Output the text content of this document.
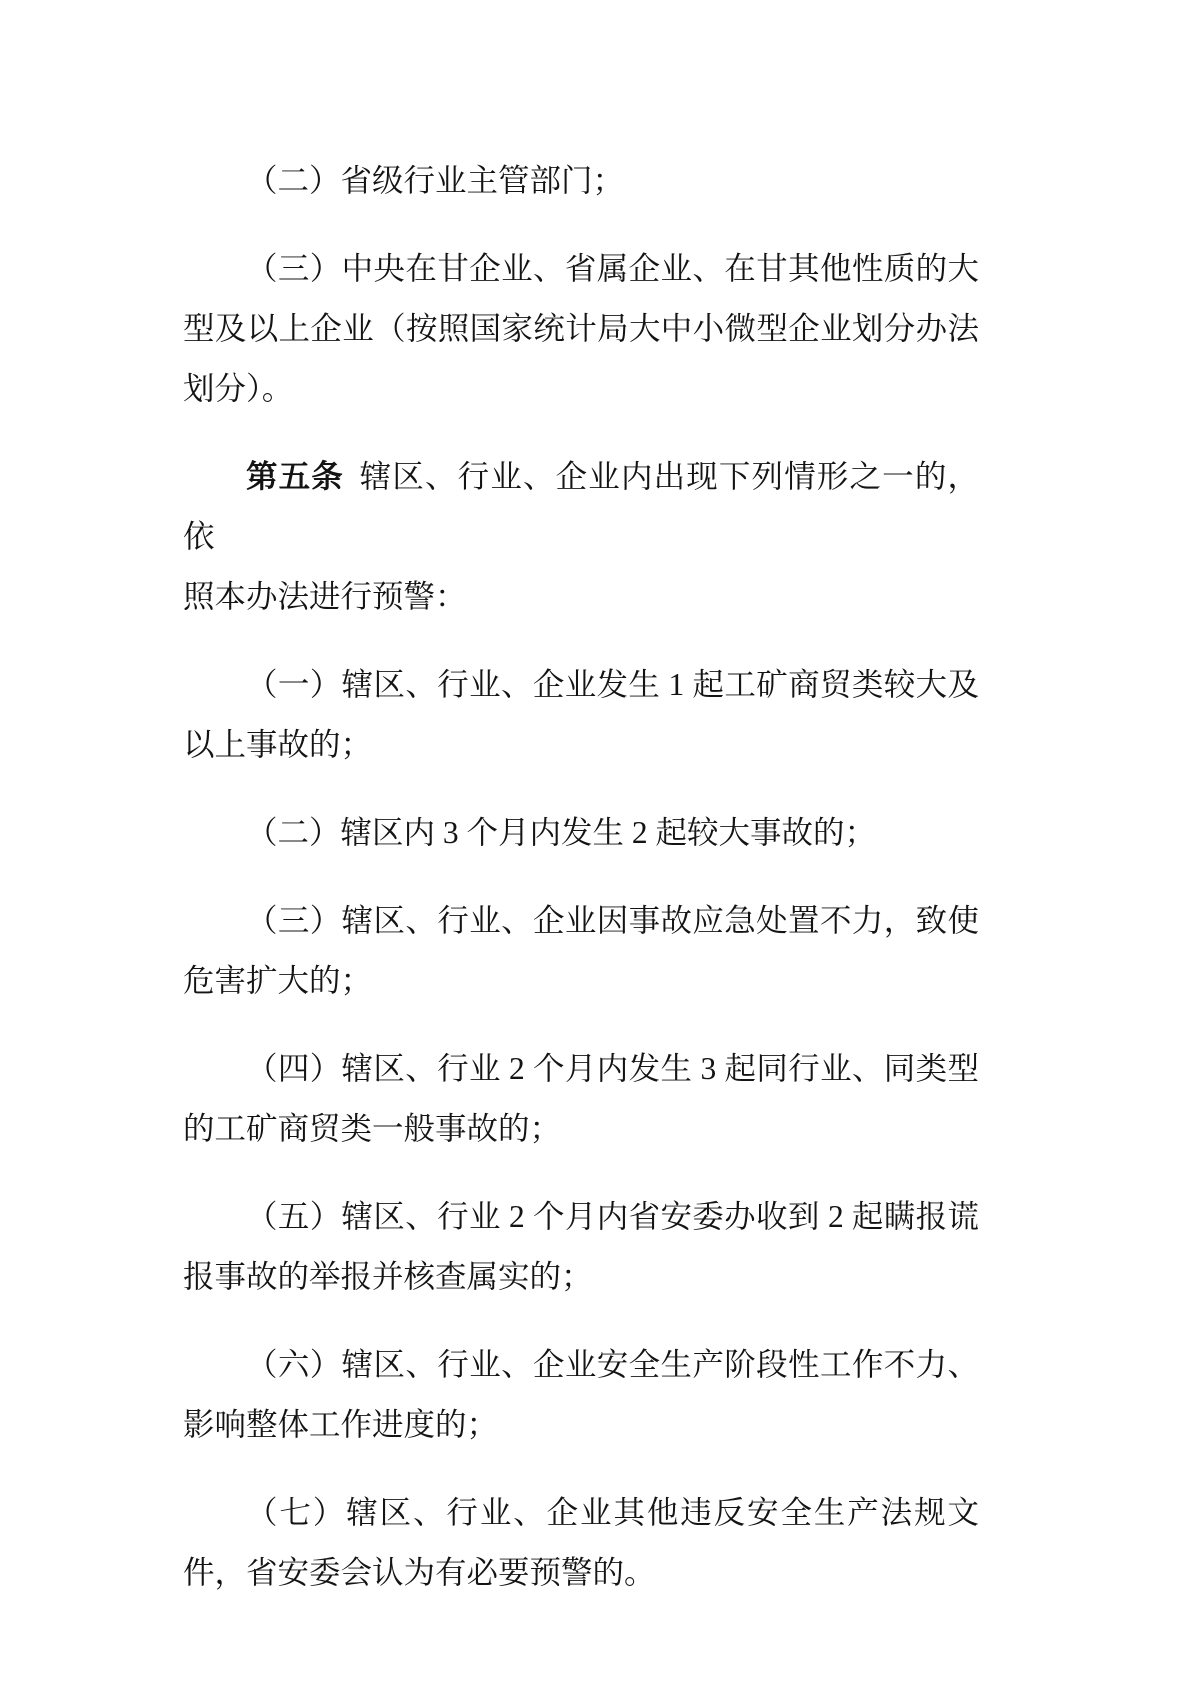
（二）省级行业主管部门；

（三）中央在甘企业、省属企业、在甘其他性质的大
型及以上企业（按照国家统计局大中小微型企业划分办法
划分）。

第五条 辖区、行业、企业内出现下列情形之一的，依
照本办法进行预警：

（一）辖区、行业、企业发生 1 起工矿商贸类较大及
以上事故的；

（二）辖区内 3 个月内发生 2 起较大事故的；

（三）辖区、行业、企业因事故应急处置不力，致使
危害扩大的；

（四）辖区、行业 2 个月内发生 3 起同行业、同类型
的工矿商贸类一般事故的；

（五）辖区、行业 2 个月内省安委办收到 2 起瞒报谎
报事故的举报并核查属实的；

（六）辖区、行业、企业安全生产阶段性工作不力、
影响整体工作进度的；

（七）辖区、行业、企业其他违反安全生产法规文
件，省安委会认为有必要预警的。
